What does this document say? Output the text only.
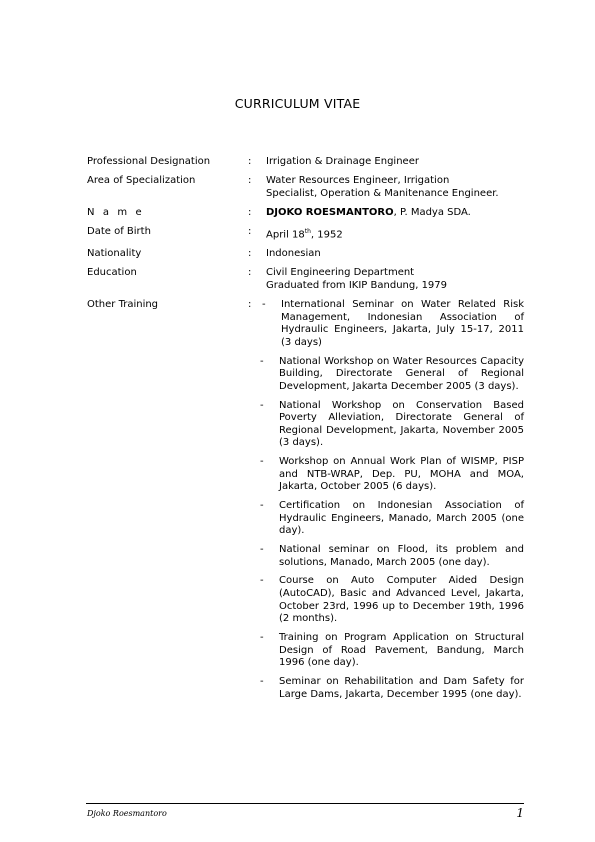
CURRICULUM VITAE
Professional Designation	:	Irrigation & Drainage Engineer
Area of Specialization	:	Water Resources Engineer, Irrigation
Specialist, Operation & Manitenance Engineer.
N a m e	:	DJOKO ROESMANTORO, P. Madya SDA.
Date of Birth	:	April 18th, 1952
Nationality	:	Indonesian
Education	:	Civil Engineering Department
Graduated from IKIP Bandung, 1979
Other Training	:	-	International Seminar on Water Related Risk Management, Indonesian Association of Hydraulic Engineers, Jakarta, July 15-17, 2011 (3 days)
-	National Workshop on Water Resources Capacity Building, Directorate General of Regional Development, Jakarta December 2005 (3 days).
-	National Workshop on Conservation Based Poverty Alleviation, Directorate General of Regional Development, Jakarta, November 2005 (3 days).
-	Workshop on Annual Work Plan of WISMP, PISP and NTB-WRAP, Dep. PU, MOHA and MOA, Jakarta, October 2005 (6 days).
-	Certification on Indonesian Association of Hydraulic Engineers, Manado, March 2005 (one day).
-	National seminar on Flood, its problem and solutions, Manado, March 2005 (one day).
-	Course on Auto Computer Aided Design (AutoCAD), Basic and Advanced Level, Jakarta, October 23rd, 1996 up to December 19th, 1996 (2 months).
-	Training on Program Application on Structural Design of Road Pavement, Bandung, March 1996 (one day).
-	Seminar on Rehabilitation and Dam Safety for Large Dams, Jakarta, December 1995 (one day).
Djoko Roesmantoro	1
